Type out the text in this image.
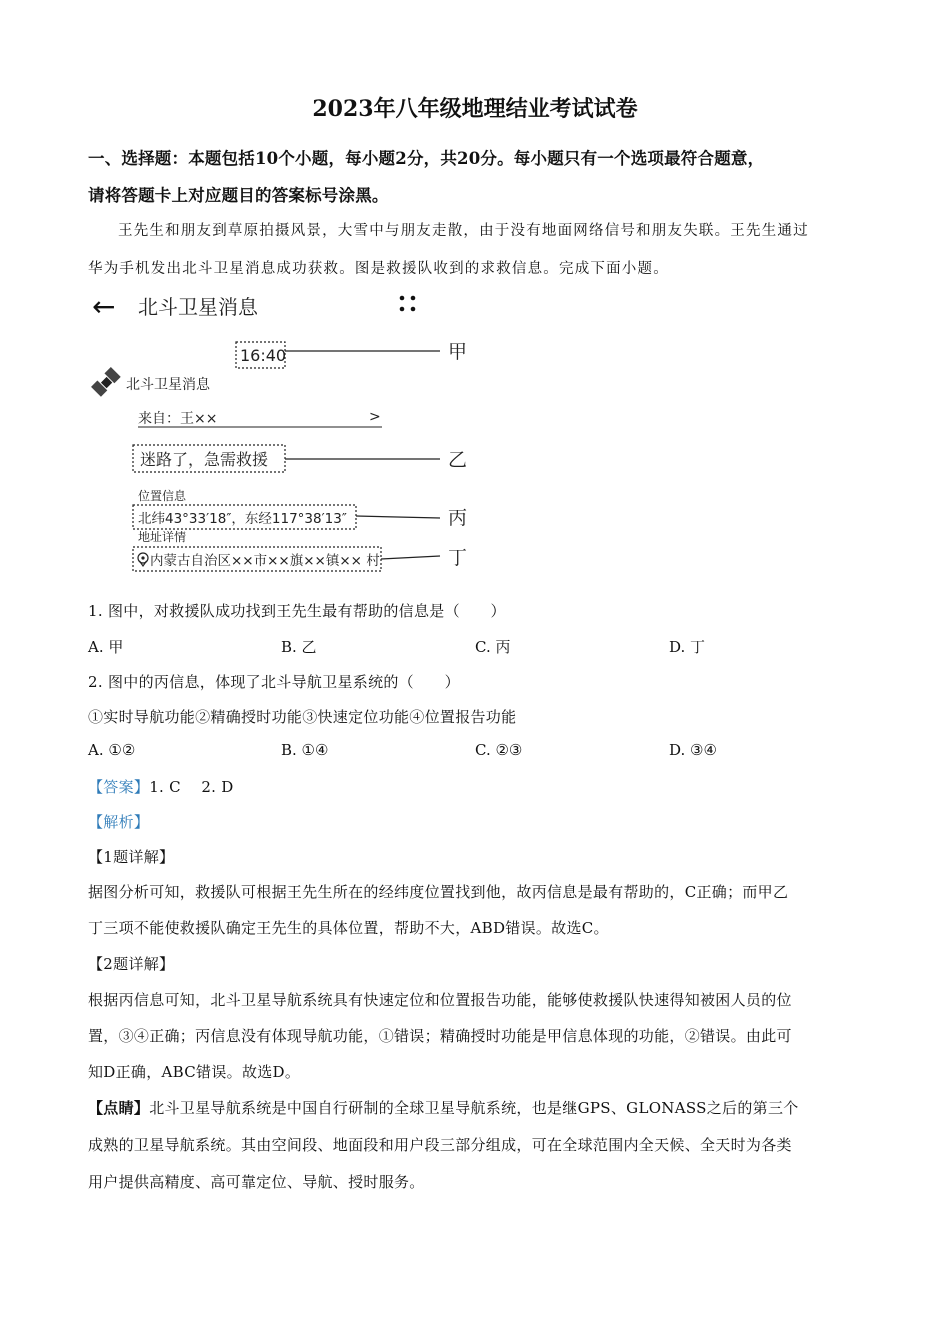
2023年八年级地理结业考试试卷
一、选择题：本题包括10个小题，每小题2分，共20分。每小题只有一个选项最符合题意，
请将答题卡上对应题目的答案标号涂黑。
王先生和朋友到草原拍摄风景，大雪中与朋友走散，由于没有地面网络信号和朋友失联。王先生通过
华为手机发出北斗卫星消息成功获救。图是救援队收到的求救信息。完成下面小题。
← 北斗卫星消息
16:40	甲
北斗卫星消息
来自：王××	>
迷路了，急需救援	乙
位置信息
北纬43°33′18″，东经117°38′13″	丙
地址详情
内蒙古自治区××市××旗××镇×× 村	丁
1. 图中，对救援队成功找到王先生最有帮助的信息是（　　）
A. 甲	B. 乙	C. 丙	D. 丁
2. 图中的丙信息，体现了北斗导航卫星系统的（　　）
①实时导航功能②精确授时功能③快速定位功能④位置报告功能
A. ①②	B. ①④	C. ②③	D. ③④
【答案】1. C　 2. D
【解析】
【1题详解】
据图分析可知，救援队可根据王先生所在的经纬度位置找到他，故丙信息是最有帮助的，C正确；而甲乙
丁三项不能使救援队确定王先生的具体位置，帮助不大，ABD错误。故选C。
【2题详解】
根据丙信息可知，北斗卫星导航系统具有快速定位和位置报告功能，能够使救援队快速得知被困人员的位
置，③④正确；丙信息没有体现导航功能，①错误；精确授时功能是甲信息体现的功能，②错误。由此可
知D正确，ABC错误。故选D。
【点睛】北斗卫星导航系统是中国自行研制的全球卫星导航系统，也是继GPS、GLONASS之后的第三个
成熟的卫星导航系统。其由空间段、地面段和用户段三部分组成，可在全球范围内全天候、全天时为各类
用户提供高精度、高可靠定位、导航、授时服务。
